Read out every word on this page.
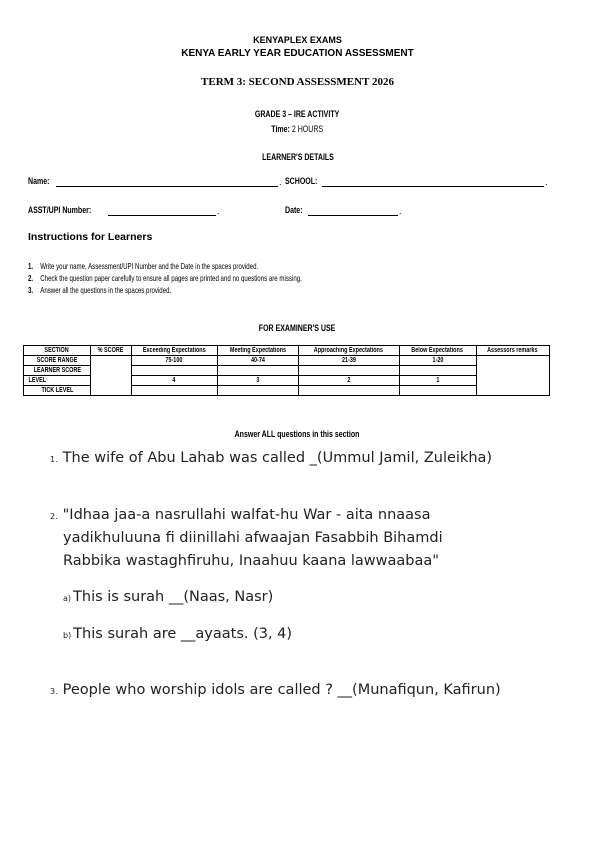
KENYAPLEX EXAMS
KENYA EARLY YEAR EDUCATION ASSESSMENT
TERM 3: SECOND ASSESSMENT 2026
GRADE 3 – IRE ACTIVITY
Time: 2 HOURS
LEARNER'S DETAILS
Name:	. SCHOOL:	.
ASST/UPI Number:	.	Date:	.
Instructions for Learners
1. Write your name, Assessment/UPI Number and the Date in the spaces provided.
2. Check the question paper carefully to ensure all pages are printed and no questions are missing.
3. Answer all the questions in the spaces provided.
FOR EXAMINER'S USE
SECTION	% SCORE	Exceeding Expectations	Meeting Expectations	Approaching Expectations	Below Expectations	Assessors remarks
SCORE RANGE		75-100	40-74	21-39	1-20	
LEARNER SCORE						
LEVEL		4	3	2	1	
TICK LEVEL						
Answer ALL questions in this section
1. The wife of Abu Lahab was called _(Ummul Jamil, Zuleikha)
2. "Idhaa jaa-a nasrullahi walfat-hu War - aita nnaasa
yadikhuluuna fi diinillahi afwaajan Fasabbih Bihamdi
Rabbika wastaghfiruhu, Inaahuu kaana lawwaabaa"
a) This is surah __(Naas, Nasr)
b) This surah are __ayaats. (3, 4)
3. People who worship idols are called ? __(Munafiqun, Kafirun)
